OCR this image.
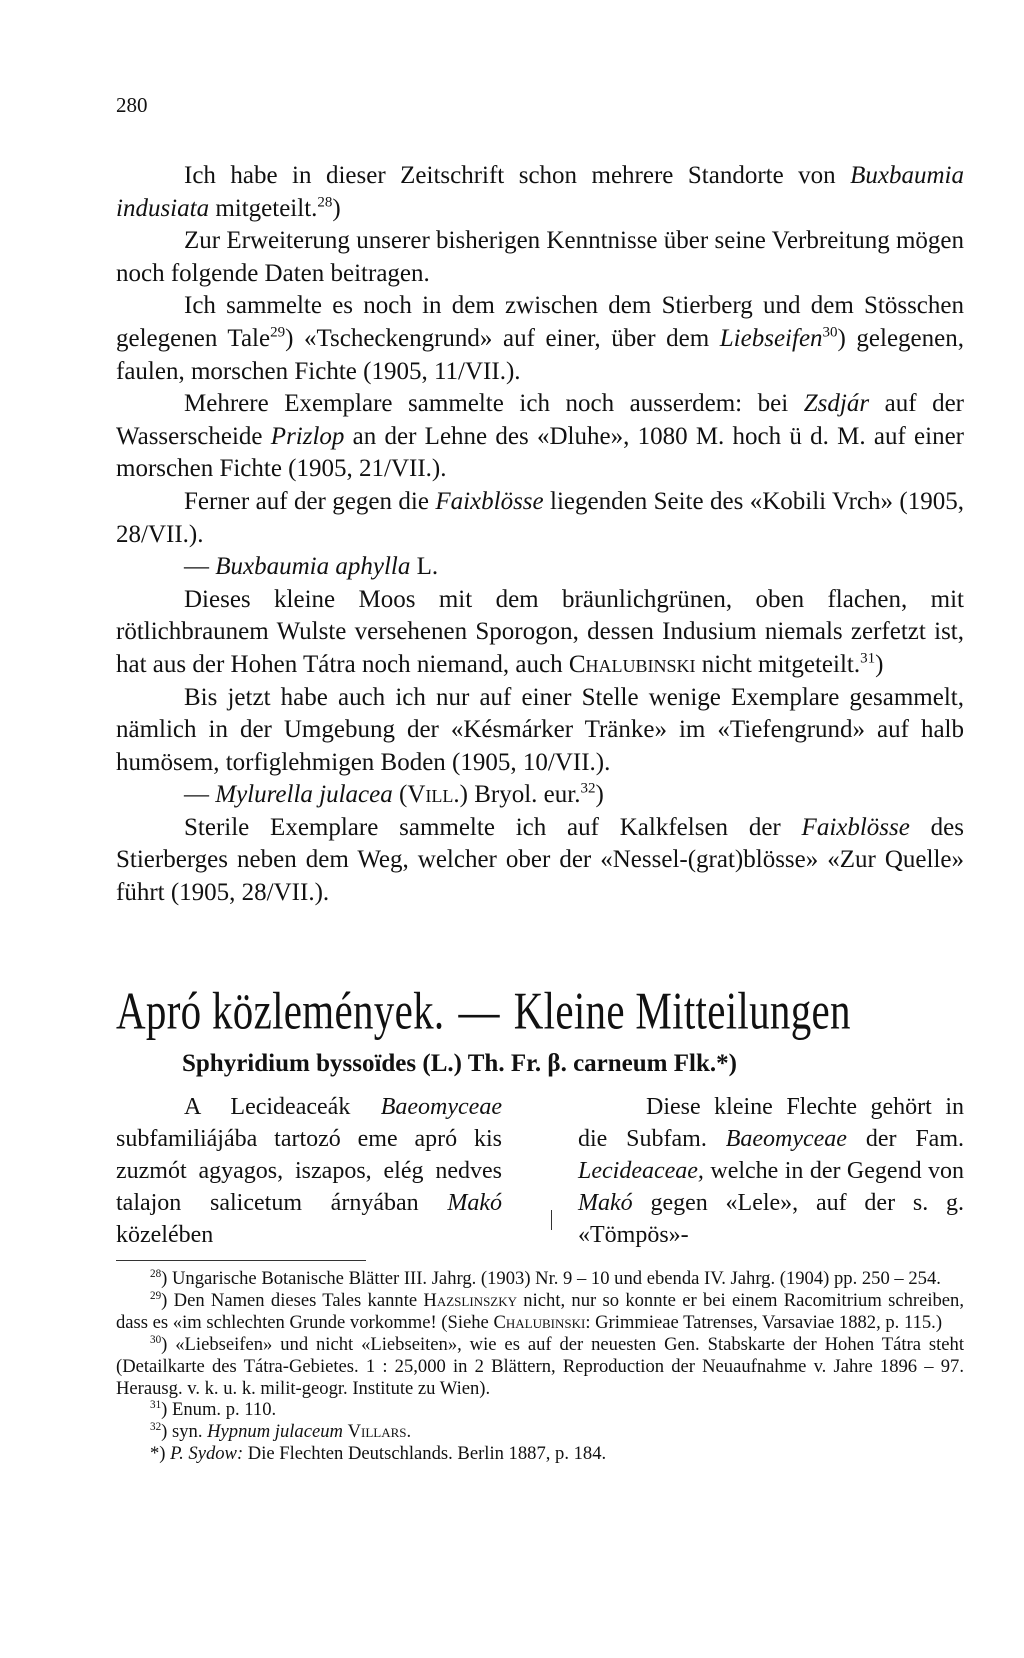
280

Ich habe in dieser Zeitschrift schon mehrere Standorte von Buxbaumia indusiata mitgeteilt.$^{28}$)

Zur Erweiterung unserer bisherigen Kenntnisse über seine Verbreitung mögen noch folgende Daten beitragen.

Ich sammelte es noch in dem zwischen dem Stierberg und dem Stösschen gelegenen Tale$^{29}$) «Tscheckengrund» auf einer, über dem Liebseifen$^{30}$) gelegenen, faulen, morschen Fichte (1905, 11/VII.).

Mehrere Exemplare sammelte ich noch ausserdem: bei Zsdjár auf der Wasserscheide Prizlop an der Lehne des «Dluhe», 1080 M. hoch ü d. M. auf einer morschen Fichte (1905, 21/VII.).

Ferner auf der gegen die Faixblösse liegenden Seite des «Kobili Vrch» (1905, 28/VII.).

— Buxbaumia aphylla L.

Dieses kleine Moos mit dem bräunlichgrünen, oben flachen, mit rötlichbraunem Wulste versehenen Sporogon, dessen Indusium niemals zerfetzt ist, hat aus der Hohen Tátra noch niemand, auch Chalubinski nicht mitgeteilt.$^{31}$)

Bis jetzt habe auch ich nur auf einer Stelle wenige Exemplare gesammelt, nämlich in der Umgebung der «Késmárker Tränke» im «Tiefengrund» auf halb humösem, torfiglehmigen Boden (1905, 10/VII.).

— Mylurella julacea (Vill.) Bryol. eur.$^{32}$)

Sterile Exemplare sammelte ich auf Kalkfelsen der Faixblösse des Stierberges neben dem Weg, welcher ober der «Nessel-(grat)blösse» «Zur Quelle» führt (1905, 28/VII.).

Apró közlemények. — Kleine Mitteilungen
Sphyridium byssoïdes (L.) Th. Fr. β. carneum Flk.*)

A Lecideaceák Baeomyceae subfamiliájába tartozó eme apró kis zuzmót agyagos, iszapos, elég nedves talajon salicetum árnyában Makó közelében

Diese kleine Flechte gehört in die Subfam. Baeomyceae der Fam. Lecideaceae, welche in der Gegend von Makó gegen «Lele», auf der s. g. «Tömpös»-

$^{28}$) Ungarische Botanische Blätter III. Jahrg. (1903) Nr. 9 – 10 und ebenda IV. Jahrg. (1904) pp. 250 – 254.

$^{29}$) Den Namen dieses Tales kannte Hazslinszky nicht, nur so konnte er bei einem Racomitrium schreiben, dass es «im schlechten Grunde vorkomme! (Siehe Chalubinski: Grimmieae Tatrenses, Varsaviae 1882, p. 115.)

$^{30}$) «Liebseifen» und nicht «Liebseiten», wie es auf der neuesten Gen. Stabskarte der Hohen Tátra steht (Detailkarte des Tátra-Gebietes. 1 : 25,000 in 2 Blättern, Reproduction der Neuaufnahme v. Jahre 1896 – 97. Herausg. v. k. u. k. milit-geogr. Institute zu Wien).

$^{31}$) Enum. p. 110.

$^{32}$) syn. Hypnum julaceum Villars.

*) P. Sydow: Die Flechten Deutschlands. Berlin 1887, p. 184.
